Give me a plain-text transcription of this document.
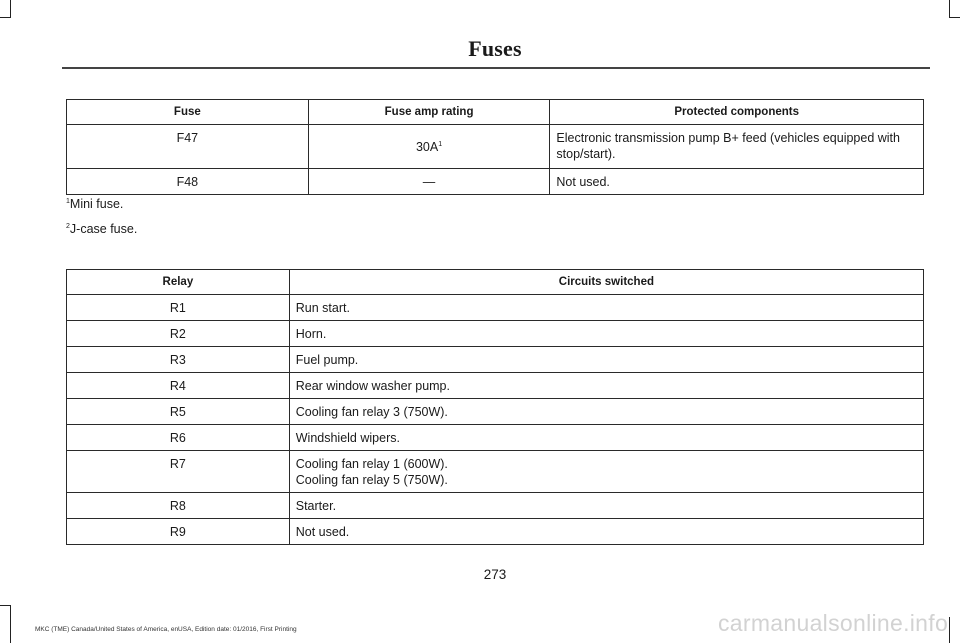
Fuses
Fuse	Fuse amp rating	Protected components
F47	30A$^1$	Electronic transmission pump B+ feed (vehicles equipped with stop/start).
F48	—	Not used.
$^1$Mini fuse.
$^2$J-case fuse.
Relay	Circuits switched
R1	Run start.
R2	Horn.
R3	Fuel pump.
R4	Rear window washer pump.
R5	Cooling fan relay 3 (750W).
R6	Windshield wipers.
R7	Cooling fan relay 1 (600W).
Cooling fan relay 5 (750W).

R8	Starter.
R9	Not used.
273
MKC (TME) Canada/United States of America, enUSA, Edition date: 01/2016, First Printing	carmanualsonline.info
